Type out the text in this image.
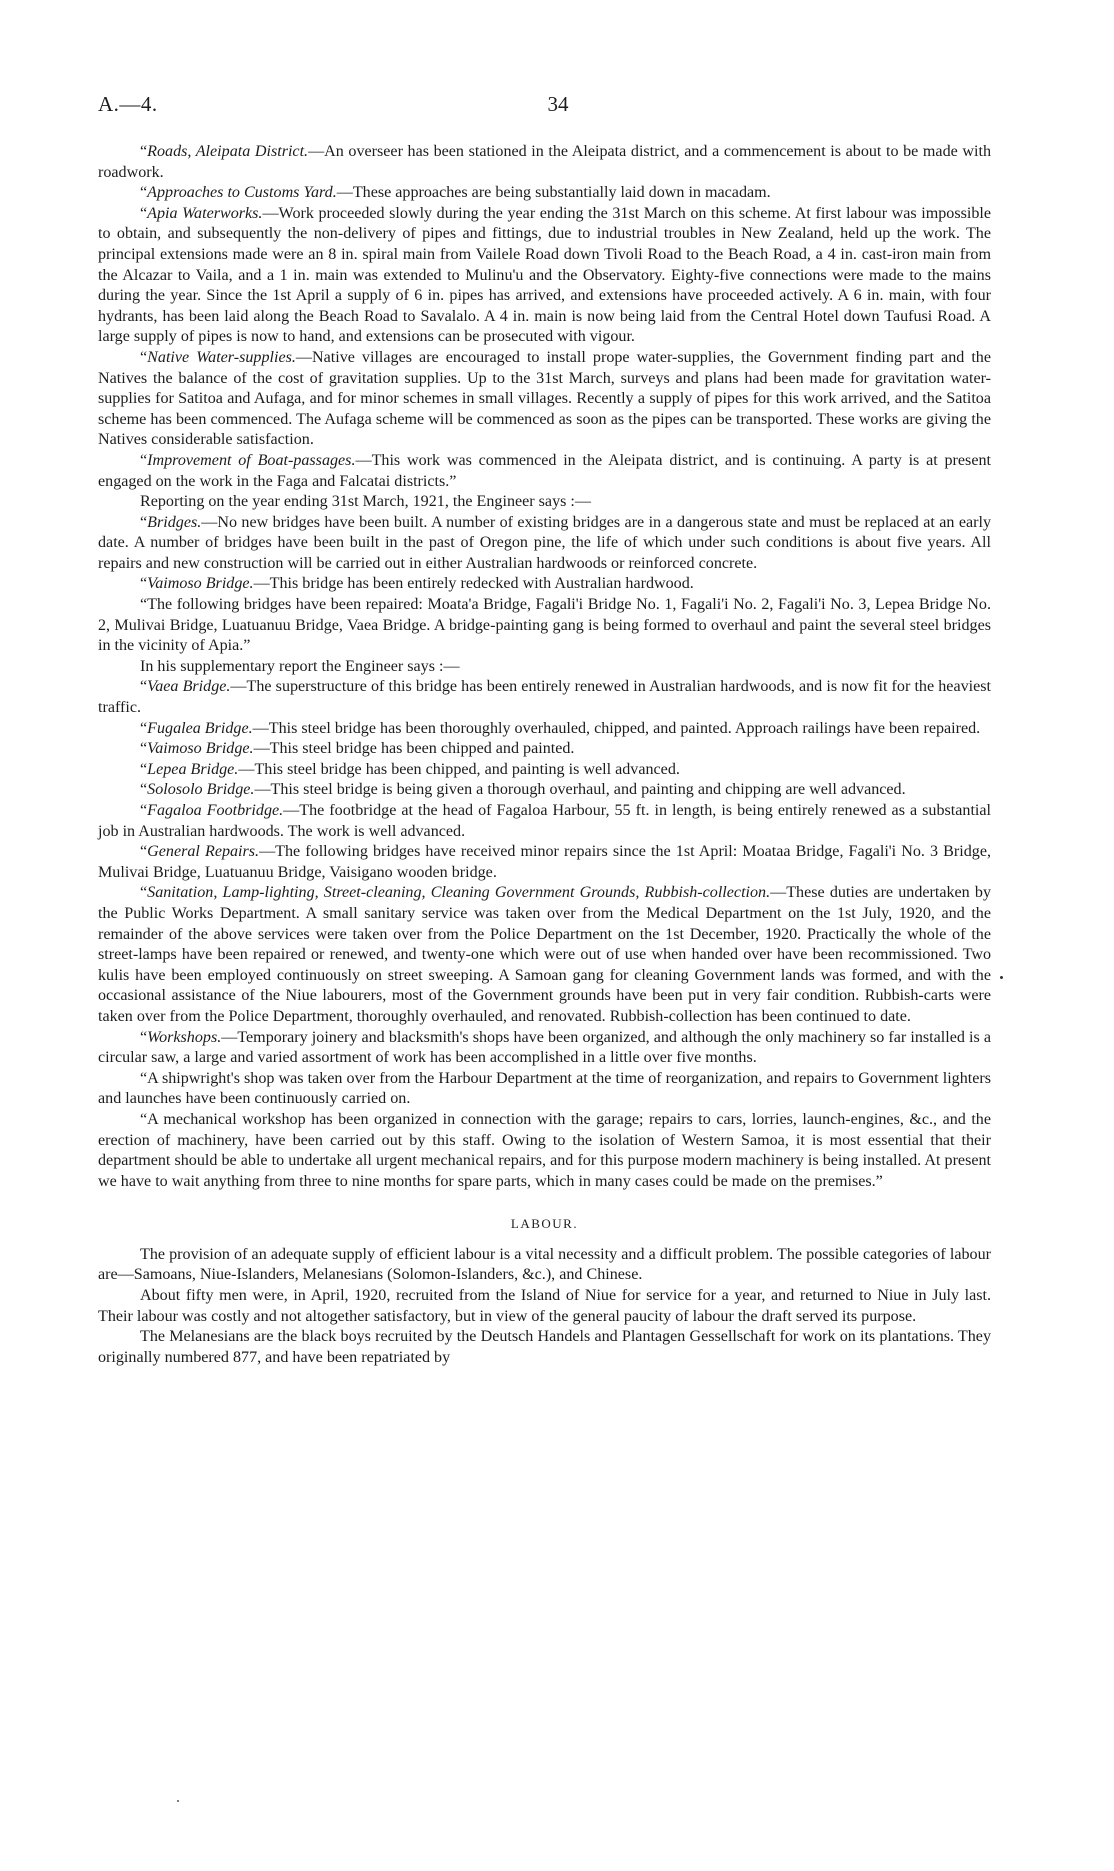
A.—4.	34

“Roads, Aleipata District.—An overseer has been stationed in the Aleipata district, and a commencement is about to be made with roadwork.

“Approaches to Customs Yard.—These approaches are being substantially laid down in macadam.

“Apia Waterworks.—Work proceeded slowly during the year ending the 31st March on this scheme. At first labour was impossible to obtain, and subsequently the non-delivery of pipes and fittings, due to industrial troubles in New Zealand, held up the work. The principal extensions made were an 8 in. spiral main from Vailele Road down Tivoli Road to the Beach Road, a 4 in. cast-iron main from the Alcazar to Vaila, and a 1 in. main was extended to Mulinu'u and the Observatory. Eighty-five connections were made to the mains during the year. Since the 1st April a supply of 6 in. pipes has arrived, and extensions have proceeded actively. A 6 in. main, with four hydrants, has been laid along the Beach Road to Savalalo. A 4 in. main is now being laid from the Central Hotel down Taufusi Road. A large supply of pipes is now to hand, and extensions can be prosecuted with vigour.

“Native Water-supplies.—Native villages are encouraged to install prope water-supplies, the Government finding part and the Natives the balance of the cost of gravitation supplies. Up to the 31st March, surveys and plans had been made for gravitation water-supplies for Satitoa and Aufaga, and for minor schemes in small villages. Recently a supply of pipes for this work arrived, and the Satitoa scheme has been commenced. The Aufaga scheme will be commenced as soon as the pipes can be transported. These works are giving the Natives considerable satisfaction.

“Improvement of Boat-passages.—This work was commenced in the Aleipata district, and is continuing. A party is at present engaged on the work in the Faga and Falcatai districts.”

Reporting on the year ending 31st March, 1921, the Engineer says :—

“Bridges.—No new bridges have been built. A number of existing bridges are in a dangerous state and must be replaced at an early date. A number of bridges have been built in the past of Oregon pine, the life of which under such conditions is about five years. All repairs and new construction will be carried out in either Australian hardwoods or reinforced concrete.

“Vaimoso Bridge.—This bridge has been entirely redecked with Australian hardwood.

“The following bridges have been repaired: Moata'a Bridge, Fagali'i Bridge No. 1, Fagali'i No. 2, Fagali'i No. 3, Lepea Bridge No. 2, Mulivai Bridge, Luatuanuu Bridge, Vaea Bridge. A bridge-painting gang is being formed to overhaul and paint the several steel bridges in the vicinity of Apia.”

In his supplementary report the Engineer says :—

“Vaea Bridge.—The superstructure of this bridge has been entirely renewed in Australian hardwoods, and is now fit for the heaviest traffic.

“Fugalea Bridge.—This steel bridge has been thoroughly overhauled, chipped, and painted. Approach railings have been repaired.

“Vaimoso Bridge.—This steel bridge has been chipped and painted.

“Lepea Bridge.—This steel bridge has been chipped, and painting is well advanced.

“Solosolo Bridge.—This steel bridge is being given a thorough overhaul, and painting and chipping are well advanced.

“Fagaloa Footbridge.—The footbridge at the head of Fagaloa Harbour, 55 ft. in length, is being entirely renewed as a substantial job in Australian hardwoods. The work is well advanced.

“General Repairs.—The following bridges have received minor repairs since the 1st April: Moataa Bridge, Fagali'i No. 3 Bridge, Mulivai Bridge, Luatuanuu Bridge, Vaisigano wooden bridge.

“Sanitation, Lamp-lighting, Street-cleaning, Cleaning Government Grounds, Rubbish-collection.—These duties are undertaken by the Public Works Department. A small sanitary service was taken over from the Medical Department on the 1st July, 1920, and the remainder of the above services were taken over from the Police Department on the 1st December, 1920. Practically the whole of the street-lamps have been repaired or renewed, and twenty-one which were out of use when handed over have been recommissioned. Two kulis have been employed continuously on street sweeping. A Samoan gang for cleaning Government lands was formed, and with the occasional assistance of the Niue labourers, most of the Government grounds have been put in very fair condition. Rubbish-carts were taken over from the Police Department, thoroughly overhauled, and renovated. Rubbish-collection has been continued to date.

“Workshops.—Temporary joinery and blacksmith's shops have been organized, and although the only machinery so far installed is a circular saw, a large and varied assortment of work has been accomplished in a little over five months.

“A shipwright's shop was taken over from the Harbour Department at the time of reorganization, and repairs to Government lighters and launches have been continuously carried on.

“A mechanical workshop has been organized in connection with the garage; repairs to cars, lorries, launch-engines, &c., and the erection of machinery, have been carried out by this staff. Owing to the isolation of Western Samoa, it is most essential that their department should be able to undertake all urgent mechanical repairs, and for this purpose modern machinery is being installed. At present we have to wait anything from three to nine months for spare parts, which in many cases could be made on the premises.”

LABOUR.

The provision of an adequate supply of efficient labour is a vital necessity and a difficult problem. The possible categories of labour are—Samoans, Niue-Islanders, Melanesians (Solomon-Islanders, &c.), and Chinese.

About fifty men were, in April, 1920, recruited from the Island of Niue for service for a year, and returned to Niue in July last. Their labour was costly and not altogether satisfactory, but in view of the general paucity of labour the draft served its purpose.

The Melanesians are the black boys recruited by the Deutsch Handels and Plantagen Gessellschaft for work on its plantations. They originally numbered 877, and have been repatriated by
